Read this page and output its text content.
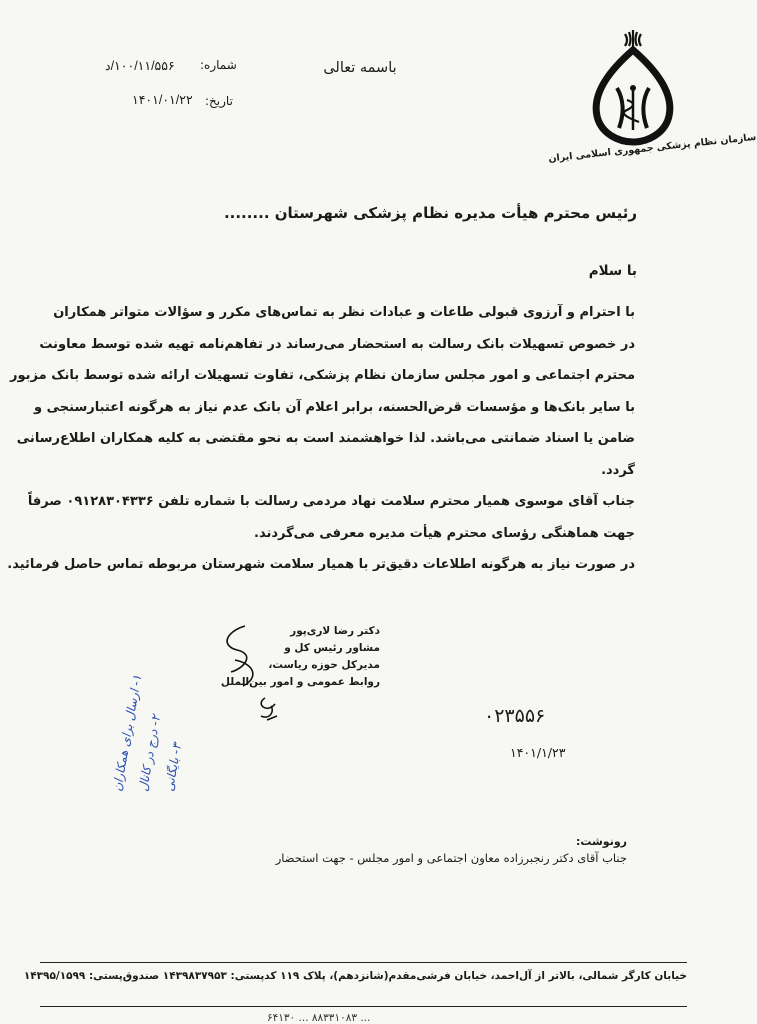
سازمان نظام پزشکی جمهوری اسلامی ایران
باسمه تعالی
شماره:
۱۰۰/۱۱/۵۵۶/د
تاریخ:
۱۴۰۱/۰۱/۲۲
رئیس محترم هیأت مدیره نظام پزشکی شهرستان ........
با سلام
با احترام و آرزوی قبولی طاعات و عبادات نظر به تماس‌های مکرر و سؤالات متواتر همکاران
در خصوص تسهیلات بانک رسالت به استحضار می‌رساند در تفاهم‌نامه تهیه شده توسط معاونت
محترم اجتماعی و امور مجلس سازمان نظام پزشکی، تفاوت تسهیلات ارائه شده توسط بانک مزبور
با سایر بانک‌ها و مؤسسات قرض‌الحسنه، برابر اعلام آن بانک عدم نیاز به هرگونه اعتبارسنجی و
ضامن یا اسناد ضمانتی می‌باشد. لذا خواهشمند است به نحو مقتضی به کلیه همکاران اطلاع‌رسانی
گردد.
جناب آقای موسوی همیار محترم سلامت نهاد مردمی رسالت با شماره تلفن ۰۹۱۲۸۳۰۴۳۳۶ صرفاً
جهت هماهنگی رؤسای محترم هیأت مدیره معرفی می‌گردند.
در صورت نیاز به هرگونه اطلاعات دقیق‌تر با همیار سلامت شهرستان مربوطه تماس حاصل فرمائید.
دکتر رضا لاری‌پور
مشاور رئیس کل و
مدیرکل حوزه ریاست،
روابط عمومی و امور بین‌الملل
۰۲۳۵۵۶
۱۴۰۱/۱/۲۳
۱- ارسال برای همکاران
۲- درج در کانال
۳- بایگانی
رونوشت:
جناب آقای دکتر رنجبرزاده معاون اجتماعی و امور مجلس - جهت استحضار
خیابان کارگر شمالی، بالاتر از آل‌احمد، خیابان فرشی‌مقدم(شانزدهم)، پلاک ۱۱۹ کدپستی: ۱۴۳۹۸۳۷۹۵۳ صندوق‌پستی: ۱۴۳۹۵/۱۵۹۹
۶۴۱۳۰ ... ۸۸۳۳۱۰۸۳ ...
